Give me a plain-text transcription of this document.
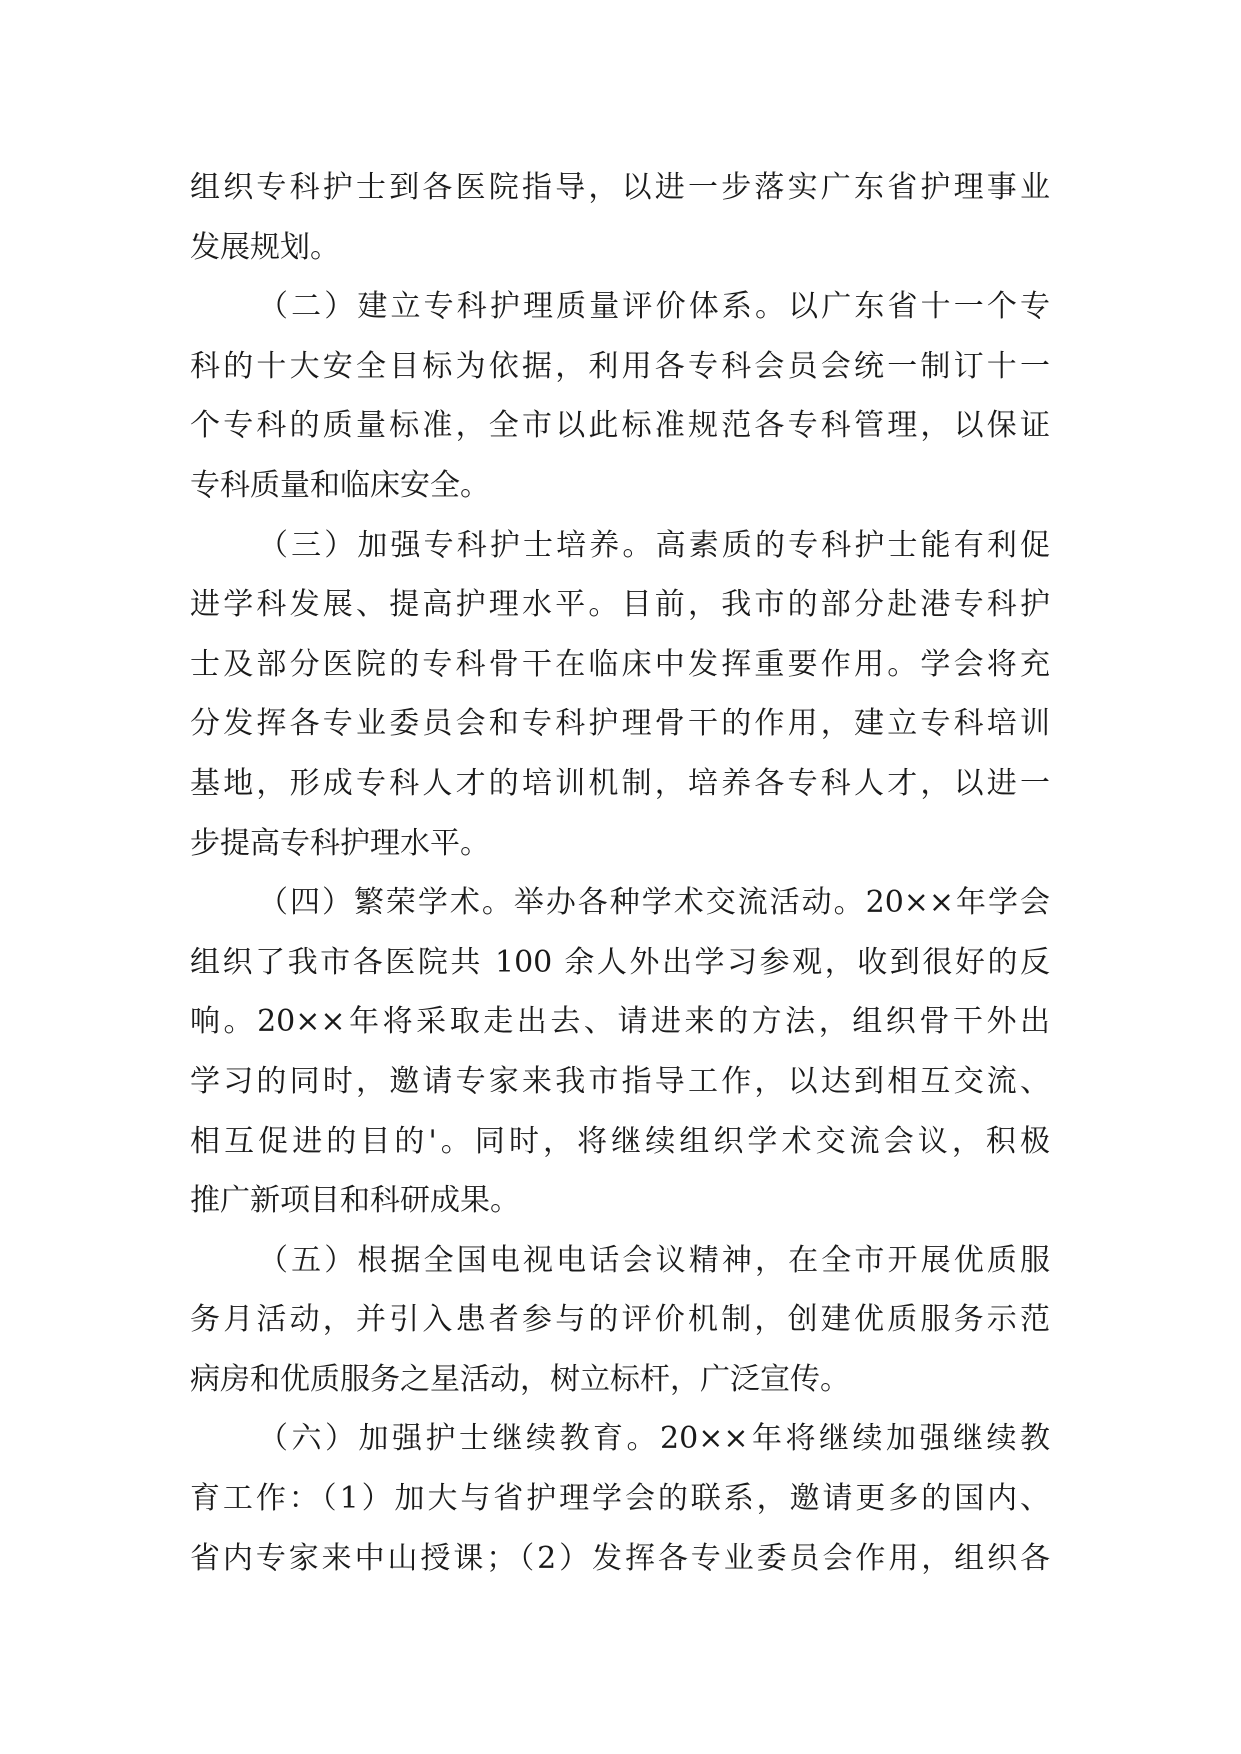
组织专科护士到各医院指导，以进一步落实广东省护理事业
发展规划。
（二）建立专科护理质量评价体系。以广东省十一个专
科的十大安全目标为依据，利用各专科会员会统一制订十一
个专科的质量标准，全市以此标准规范各专科管理，以保证
专科质量和临床安全。
（三）加强专科护士培养。高素质的专科护士能有利促
进学科发展、提高护理水平。目前，我市的部分赴港专科护
士及部分医院的专科骨干在临床中发挥重要作用。学会将充
分发挥各专业委员会和专科护理骨干的作用，建立专科培训
基地，形成专科人才的培训机制，培养各专科人才，以进一
步提高专科护理水平。
（四）繁荣学术。举办各种学术交流活动。20××年学会
组织了我市各医院共 100 余人外出学习参观，收到很好的反
响。20××年将采取走出去、请进来的方法，组织骨干外出
学习的同时，邀请专家来我市指导工作，以达到相互交流、
相互促进的目的'。同时，将继续组织学术交流会议，积极
推广新项目和科研成果。
（五）根据全国电视电话会议精神，在全市开展优质服
务月活动，并引入患者参与的评价机制，创建优质服务示范
病房和优质服务之星活动，树立标杆，广泛宣传。
（六）加强护士继续教育。20××年将继续加强继续教
育工作：（1）加大与省护理学会的联系，邀请更多的国内、
省内专家来中山授课；（2）发挥各专业委员会作用，组织各
